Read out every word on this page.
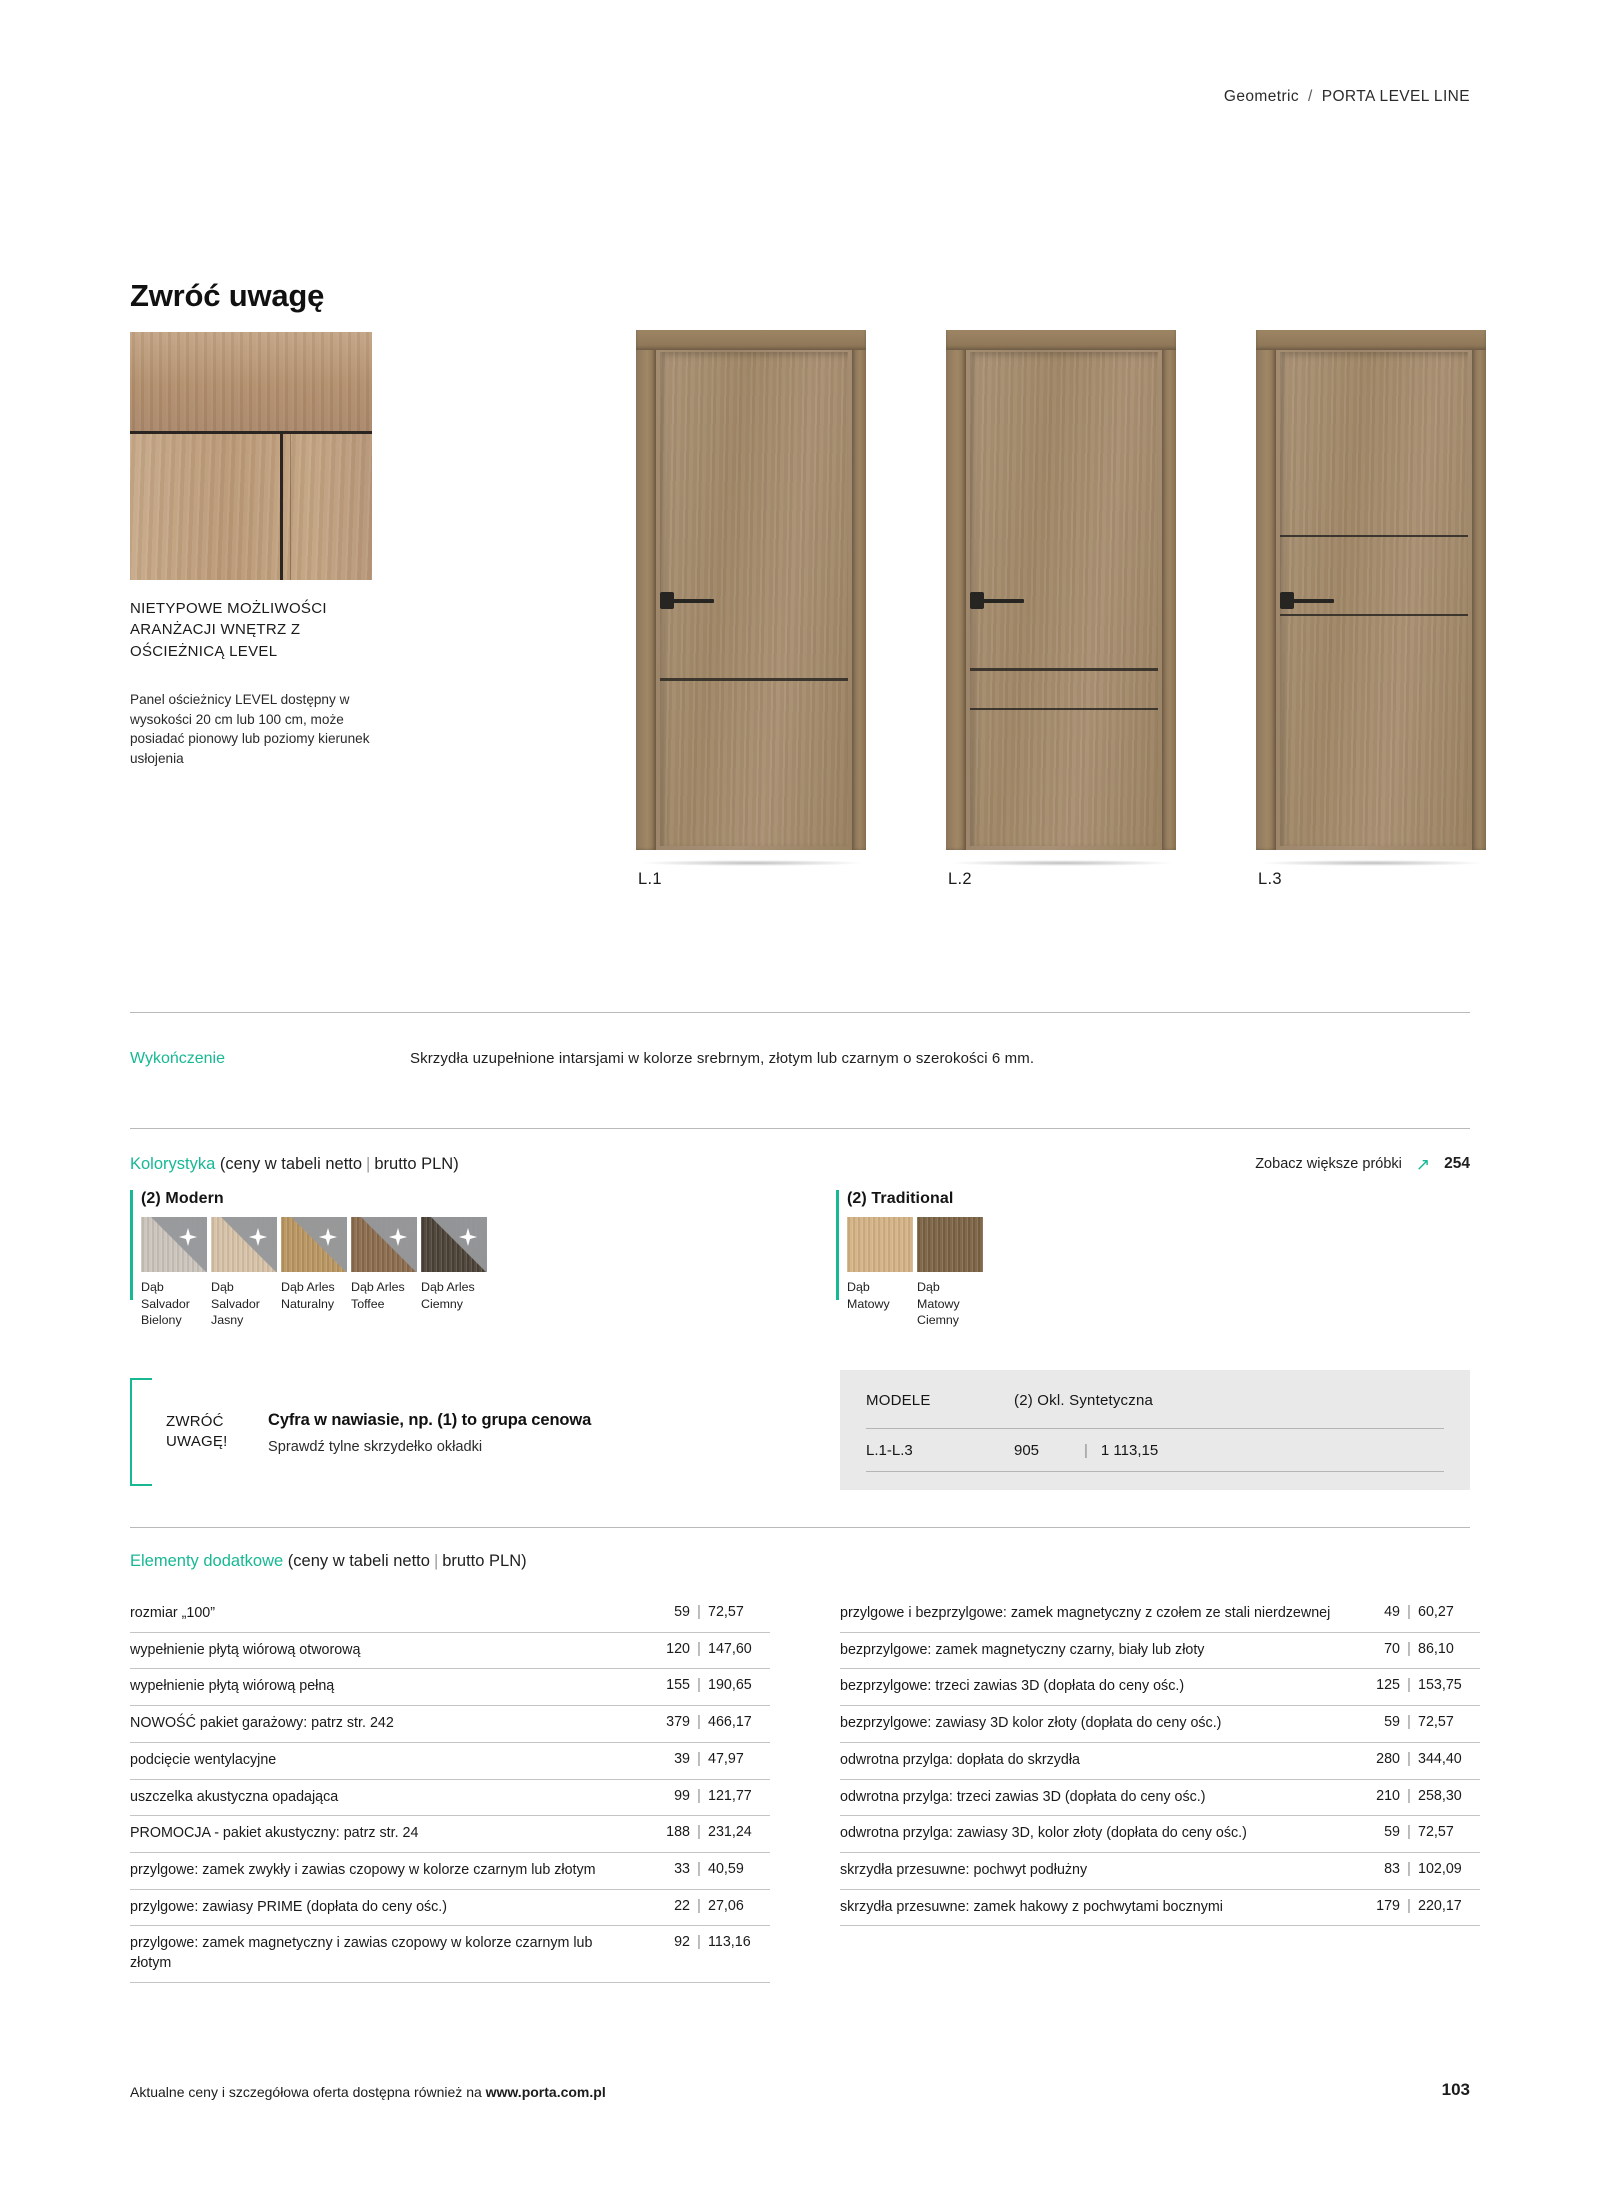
Geometric / PORTA LEVEL LINE
Zwróć uwagę
NIETYPOWE MOŻLIWOŚCI ARANŻACJI WNĘTRZ Z OŚCIEŻNICĄ LEVEL
Panel ościeżnicy LEVEL dostępny w wysokości 20 cm lub 100 cm, może posiadać pionowy lub poziomy kierunek usłojenia
L.1	L.2	L.3
Wykończenie	Skrzydła uzupełnione intarsjami w kolorze srebrnym, złotym lub czarnym o szerokości 6 mm.
Kolorystyka (ceny w tabeli netto | brutto PLN)	Zobacz większe próbki ↗ 254
(2) Modern
Dąb Salvador Bielony
Dąb Salvador Jasny
Dąb Arles Naturalny
Dąb Arles Toffee
Dąb Arles Ciemny
(2) Traditional
Dąb Matowy
Dąb Matowy Ciemny
ZWRÓĆ
UWAGĘ!
Cyfra w nawiasie, np. (1) to grupa cenowa
Sprawdź tylne skrzydełko okładki
MODELE	(2) Okl. Syntetyczna
L.1-L.3	905	| 1 113,15
Elementy dodatkowe (ceny w tabeli netto | brutto PLN)
rozmiar „100”	59 | 72,57
wypełnienie płytą wiórową otworową	120 | 147,60
wypełnienie płytą wiórową pełną	155 | 190,65
NOWOŚĆ pakiet garażowy: patrz str. 242	379 | 466,17
podcięcie wentylacyjne	39 | 47,97
uszczelka akustyczna opadająca	99 | 121,77
PROMOCJA - pakiet akustyczny: patrz str. 24	188 | 231,24
przylgowe: zamek zwykły i zawias czopowy w kolorze czarnym lub złotym	33 | 40,59
przylgowe: zawiasy PRIME (dopłata do ceny ośc.)	22 | 27,06
przylgowe: zamek magnetyczny i zawias czopowy w kolorze czarnym lub złotym
92 | 113,16
przylgowe i bezprzylgowe: zamek magnetyczny z czołem ze stali nierdzewnej	49 | 60,27
bezprzylgowe: zamek magnetyczny czarny, biały lub złoty	70 | 86,10
bezprzylgowe: trzeci zawias 3D (dopłata do ceny ośc.)	125 | 153,75
bezprzylgowe: zawiasy 3D kolor złoty (dopłata do ceny ośc.)	59 | 72,57
odwrotna przylga: dopłata do skrzydła	280 | 344,40
odwrotna przylga: trzeci zawias 3D (dopłata do ceny ośc.)	210 | 258,30
odwrotna przylga: zawiasy 3D, kolor złoty (dopłata do ceny ośc.)	59 | 72,57
skrzydła przesuwne: pochwyt podłużny	83 | 102,09
skrzydła przesuwne: zamek hakowy z pochwytami bocznymi	179 | 220,17
Aktualne ceny i szczegółowa oferta dostępna również na www.porta.com.pl	103
